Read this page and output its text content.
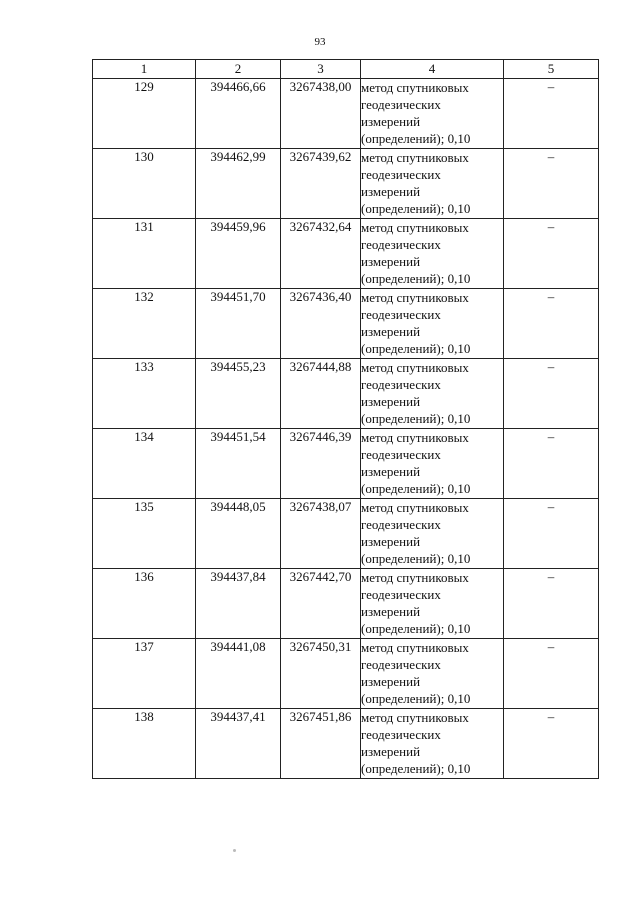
93
1	2	3	4	5
129	394466,66	3267438,00	метод спутниковых
геодезических
измерений
(определений); 0,10	–
130	394462,99	3267439,62	метод спутниковых
геодезических
измерений
(определений); 0,10	–
131	394459,96	3267432,64	метод спутниковых
геодезических
измерений
(определений); 0,10	–
132	394451,70	3267436,40	метод спутниковых
геодезических
измерений
(определений); 0,10	–
133	394455,23	3267444,88	метод спутниковых
геодезических
измерений
(определений); 0,10	–
134	394451,54	3267446,39	метод спутниковых
геодезических
измерений
(определений); 0,10	–
135	394448,05	3267438,07	метод спутниковых
геодезических
измерений
(определений); 0,10	–
136	394437,84	3267442,70	метод спутниковых
геодезических
измерений
(определений); 0,10	–
137	394441,08	3267450,31	метод спутниковых
геодезических
измерений
(определений); 0,10	–
138	394437,41	3267451,86	метод спутниковых
геодезических
измерений
(определений); 0,10	–
